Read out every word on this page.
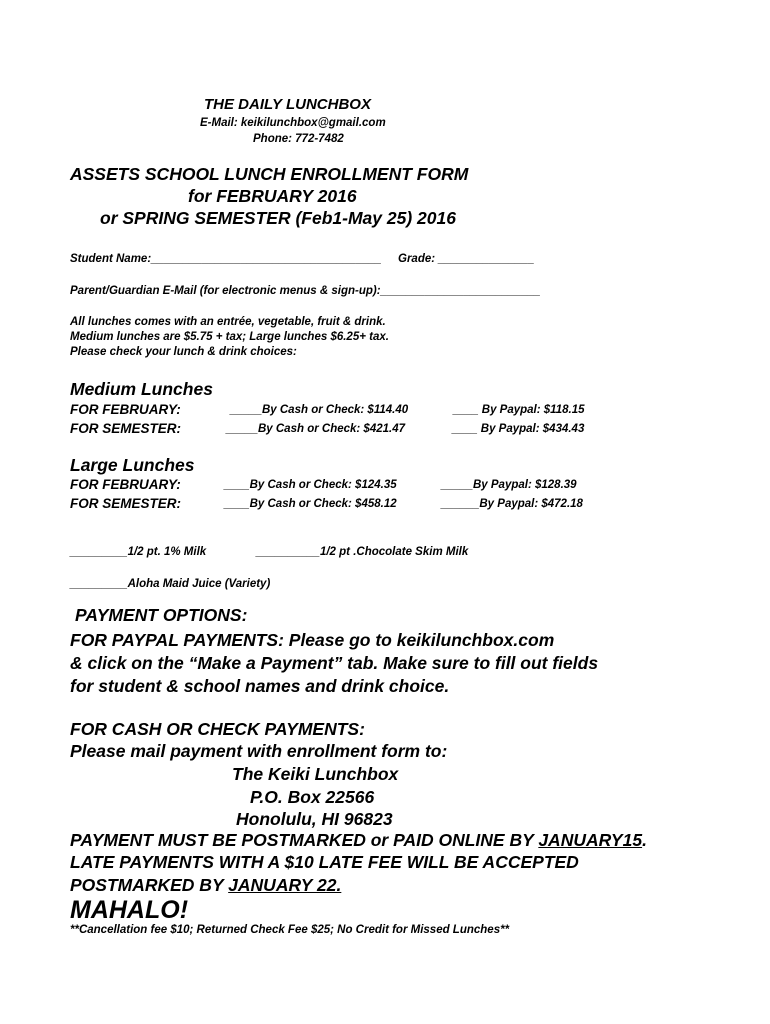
THE DAILY LUNCHBOX
E-Mail: keikilunchbox@gmail.com
Phone: 772-7482
ASSETS SCHOOL LUNCH ENROLLMENT FORM
for FEBRUARY 2016
or SPRING SEMESTER (Feb1-May 25) 2016
Student Name:____________________________________ Grade: _______________
Parent/Guardian E-Mail (for electronic menus & sign-up):_________________________
All lunches comes with an entrée, vegetable, fruit & drink.
Medium lunches are $5.75 + tax; Large lunches $6.25+ tax.
Please check your lunch & drink choices:
Medium Lunches
FOR FEBRUARY:	_____By Cash or Check: $114.40	____ By Paypal: $118.15
FOR SEMESTER:	_____By Cash or Check: $421.47	____ By Paypal: $434.43
Large Lunches
FOR FEBRUARY:	____By Cash or Check: $124.35	_____By Paypal: $128.39
FOR SEMESTER:	____By Cash or Check: $458.12	______By Paypal: $472.18
_________1/2 pt. 1% Milk	__________1/2 pt .Chocolate Skim Milk
_________Aloha Maid Juice (Variety)
PAYMENT OPTIONS:
FOR PAYPAL PAYMENTS: Please go to keikilunchbox.com
& click on the “Make a Payment” tab. Make sure to fill out fields
for student & school names and drink choice.
FOR CASH OR CHECK PAYMENTS:
Please mail payment with enrollment form to:
The Keiki Lunchbox
P.O. Box 22566
Honolulu, HI 96823
PAYMENT MUST BE POSTMARKED or PAID ONLINE BY JANUARY15.
LATE PAYMENTS WITH A $10 LATE FEE WILL BE ACCEPTED
POSTMARKED BY JANUARY 22.
MAHALO!
**Cancellation fee $10; Returned Check Fee $25; No Credit for Missed Lunches**
